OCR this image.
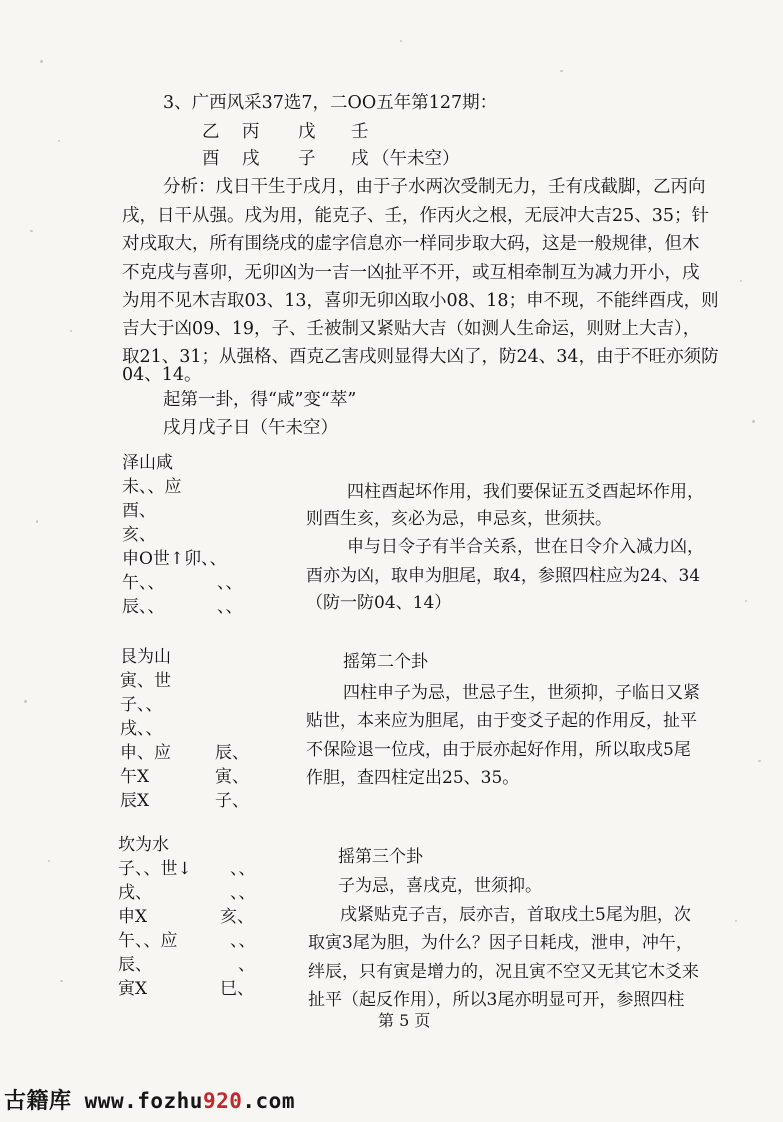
3、广西风采37选7，二OO五年第127期：
乙 丙 戊 壬
酉 戌 子 戌 （午未空）
分析：戊日干生于戌月，由于子水两次受制无力，壬有戌截脚，乙丙向
戌，日干从强。戌为用，能克子、壬，作丙火之根，无辰冲大吉25、35；针
对戌取大，所有围绕戌的虚字信息亦一样同步取大码，这是一般规律，但木
不克戌与喜卯，无卯凶为一吉一凶扯平不开，或互相牵制互为减力开小，戌
为用不见木吉取03、13，喜卯无卯凶取小08、18；申不现，不能绊酉戌，则
吉大于凶09、19，子、壬被制又紧贴大吉（如测人生命运，则财上大吉），
取21、31；从强格、酉克乙害戌则显得大凶了，防24、34，由于不旺亦须防
04、14。
起第一卦，得“咸”变“萃”
戌月戊子日（午未空）
泽山咸
未、、应
酉、
亥、
申O世↑卯、、
午、、	、、
辰、、	、、
四柱酉起坏作用，我们要保证五爻酉起坏作用，
则酉生亥，亥必为忌，申忌亥，世须扶。
申与日令子有半合关系，世在日令介入减力凶，
酉亦为凶，取申为胆尾，取4，参照四柱应为24、34
（防一防04、14）
艮为山
寅、世
子、、
戌、、
申、应	辰、
午X	寅、
辰X	子、
摇第二个卦
四柱申子为忌，世忌子生，世须抑，子临日又紧
贴世，本来应为胆尾，由于变爻子起的作用反，扯平
不保险退一位戌，由于辰亦起好作用，所以取戌5尾
作胆，查四柱定出25、35。
坎为水
子、、世↓ 、、
戌、	、、
申X	亥、
午、、应	、、
辰、	、
寅X	巳、
摇第三个卦
子为忌，喜戌克，世须抑。
戌紧贴克子吉，辰亦吉，首取戌土5尾为胆，次
取寅3尾为胆，为什么？因子日耗戌，泄申，冲午，
绊辰，只有寅是增力的，况且寅不空又无其它木爻来
扯平（起反作用），所以3尾亦明显可开，参照四柱
第 5 页
古籍库 www.fozhu920.com
